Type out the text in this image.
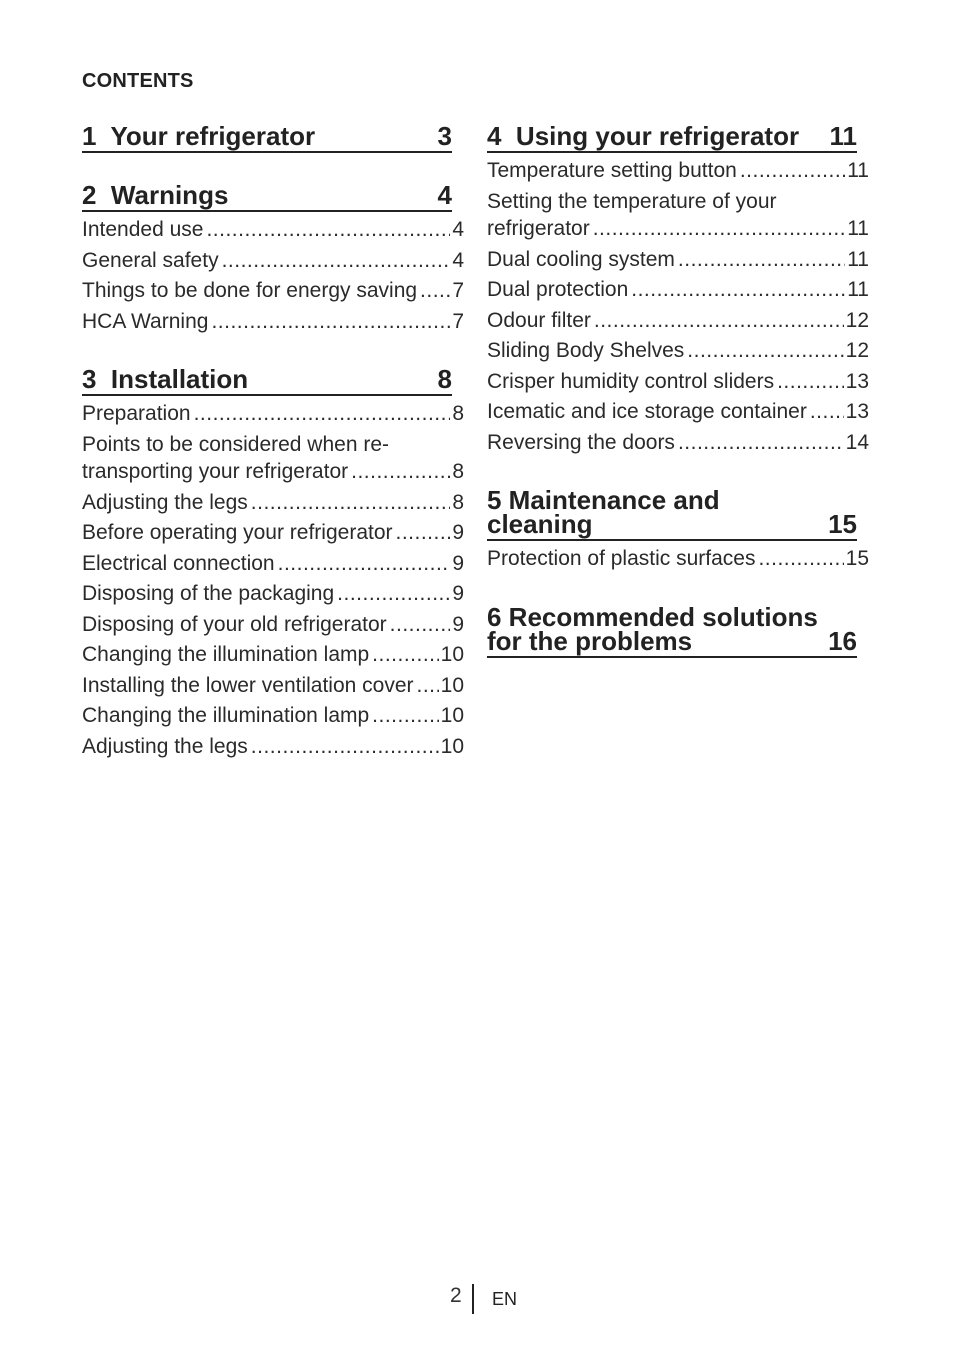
CONTENTS
1 Your refrigerator	3
2 Warnings	4
Intended use .....	4
General safety .....	4
Things to be done for energy saving ..... 7
HCA Warning .....	7
3 Installation	8
Preparation .....	8
Points to be considered when re-
transporting your refrigerator .....	8
Adjusting the legs .....	8
Before operating your refrigerator .....	9
Electrical connection .....	9
Disposing of the packaging .....	9
Disposing of your old refrigerator .....	9
Changing the illumination lamp .....	10
Installing the lower ventilation cover ..... 10
Changing the illumination lamp .....	10
Adjusting the legs .....	10
4 Using your refrigerator 11
Temperature setting button .....	11
Setting the temperature of your
refrigerator .....	11
Dual cooling system .....	11
Dual protection .....	11
Odour filter .....	12
Sliding Body Shelves .....	12
Crisper humidity control sliders .....	13
Icematic and ice storage container ..... 13
Reversing the doors .....	14
5 Maintenance and
cleaning	15
Protection of plastic surfaces .....	15
6 Recommended solutions
for the problems	16
2 EN
